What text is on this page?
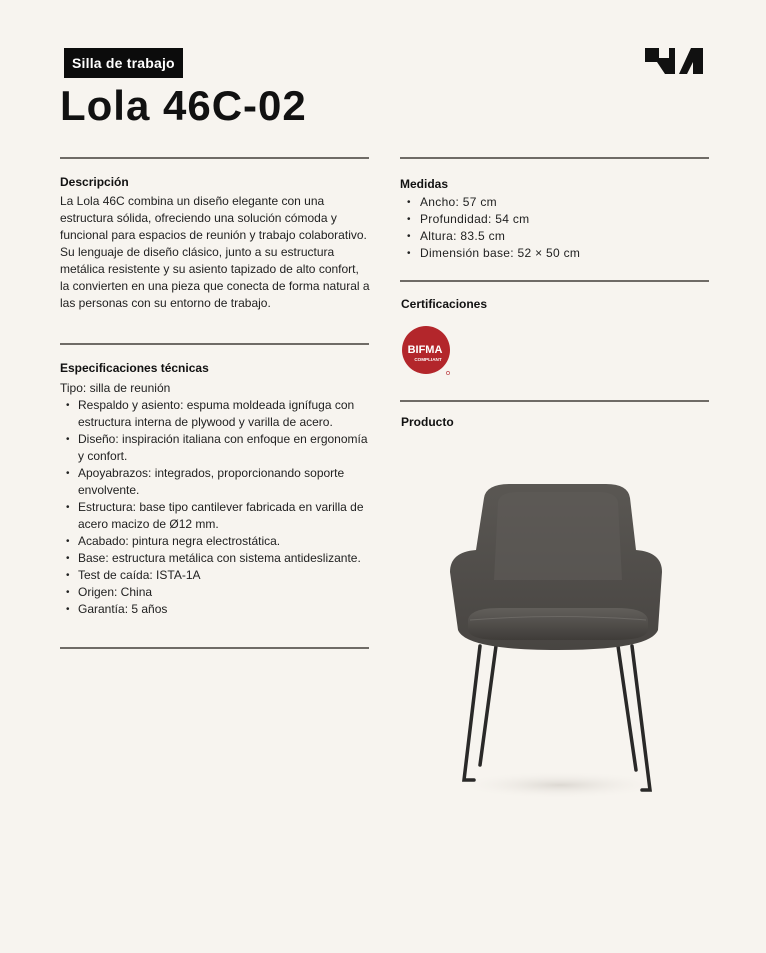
Silla de trabajo
Lola 46C-02
Descripción

La Lola 46C combina un diseño elegante con una estructura sólida, ofreciendo una solución cómoda y funcional para espacios de reunión y trabajo colaborativo.

Su lenguaje de diseño clásico, junto a su estructura metálica resistente y su asiento tapizado de alto confort, la convierten en una pieza que conecta de forma natural a las personas con su entorno de trabajo.

Especificaciones técnicas
Tipo: silla de reunión
• Respaldo y asiento: espuma moldeada ignífuga con estructura interna de plywood y varilla de acero.
• Diseño: inspiración italiana con enfoque en ergonomía y confort.
• Apoyabrazos: integrados, proporcionando soporte envolvente.
• Estructura: base tipo cantilever fabricada en varilla de acero macizo de Ø12 mm.
• Acabado: pintura negra electrostática.
• Base: estructura metálica con sistema antideslizante.
• Test de caída: ISTA-1A
• Origen: China
• Garantía: 5 años
Medidas
• Ancho: 57 cm
• Profundidad: 54 cm
• Altura: 83.5 cm
• Dimensión base: 52 × 50 cm
Certificaciones
BIFMA
COMPLIANT
Producto
